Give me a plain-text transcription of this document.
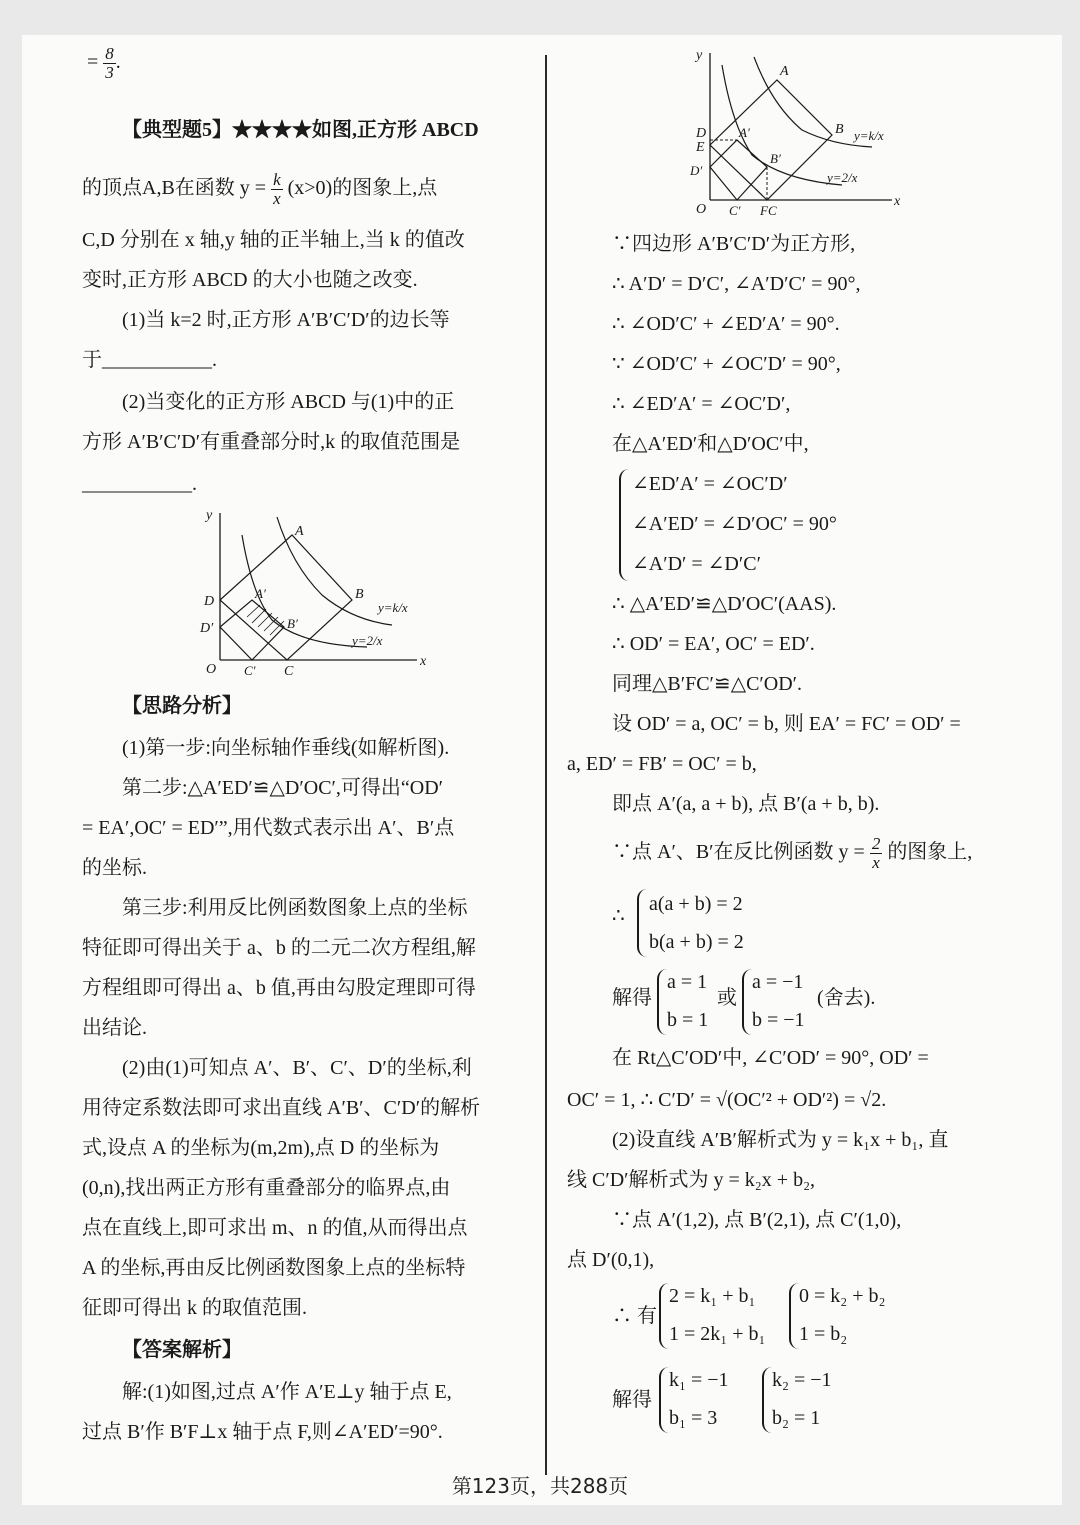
= $\frac{8}{3}$ .
【典型题5】★★★★如图,正方形 ABCD
的顶点A,B在函数 $y = \frac{k}{x} (x>0)$的图象上,点
C,D 分别在 x 轴,y 轴的正半轴上,当 k 的值改
变时,正方形 ABCD 的大小也随之改变.
(1)当 k=2 时,正方形 A′B′C′D′的边长等
于___________.
(2)当变化的正方形 ABCD 与(1)中的正
方形 A′B′C′D′有重叠部分时,k 的取值范围是
___________.
y
x
O
A
B
D
D′
A′
B′
C′ C
y=k/x
y=2/x
【思路分析】
(1)第一步:向坐标轴作垂线(如解析图).
第二步:△A′ED′≌△D′OC′,可得出“OD′
= EA′,OC′ = ED′”,用代数式表示出 A′、B′点
的坐标.
第三步:利用反比例函数图象上点的坐标
特征即可得出关于 a、b 的二元二次方程组,解
方程组即可得出 a、b 值,再由勾股定理即可得
出结论.
(2)由(1)可知点 A′、B′、C′、D′的坐标,利
用待定系数法即可求出直线 A′B′、C′D′的解析
式,设点 A 的坐标为(m,2m),点 D 的坐标为
(0,n),找出两正方形有重叠部分的临界点,由
点在直线上,即可求出 m、n 的值,从而得出点
A 的坐标,再由反比例函数图象上点的坐标特
征即可得出 k 的取值范围.
【答案解析】
解:(1)如图,过点 A′作 A′E⊥y 轴于点 E,
过点 B′作 B′F⊥x 轴于点 F,则∠A′ED′=90°.
y
x
O
A
B
D
E
D′
A′
B′
C′ FC
y=k/x
y=2/x
∵四边形 A′B′C′D′为正方形,
∴ A′D′ = D′C′, ∠A′D′C′ = 90°,
∴ ∠OD′C′ + ∠ED′A′ = 90°.
∵ ∠OD′C′ + ∠OC′D′ = 90°,
∴ ∠ED′A′ = ∠OC′D′,
在△A′ED′和△D′OC′中,
∠ED′A′ = ∠OC′D′
∠A′ED′ = ∠D′OC′ = 90°
∠A′D′ = ∠D′C′
∴ △A′ED′≌△D′OC′(AAS).
∴ OD′ = EA′, OC′ = ED′.
同理△B′FC′≌△C′OD′.
设 OD′ = a, OC′ = b, 则 EA′ = FC′ = OD′ =
a, ED′ = FB′ = OC′ = b,
即点 A′(a, a + b), 点 B′(a + b, b).
∵点 A′、B′在反比例函数 $y = \frac{2}{x}$ 的图象上,
∴
a(a + b) = 2
b(a + b) = 2
解得
a = 1
b = 1
或
a = −1
b = −1
(舍去).
在 Rt△C′OD′中, ∠C′OD′ = 90°, OD′ =
OC′ = 1, ∴ C′D′ = √(OC′² + OD′²) = √2.
(2)设直线 A′B′解析式为 y = k₁x + b₁, 直
线 C′D′解析式为 y = k₂x + b₂,
∵点 A′(1,2), 点 B′(2,1), 点 C′(1,0),
点 D′(0,1),
∴ 有
2 = k₁ + b₁
1 = 2k₁ + b₁
0 = k₂ + b₂
1 = b₂
解得
k₁ = −1
b₁ = 3
k₂ = −1
b₂ = 1
第123页，共288页
